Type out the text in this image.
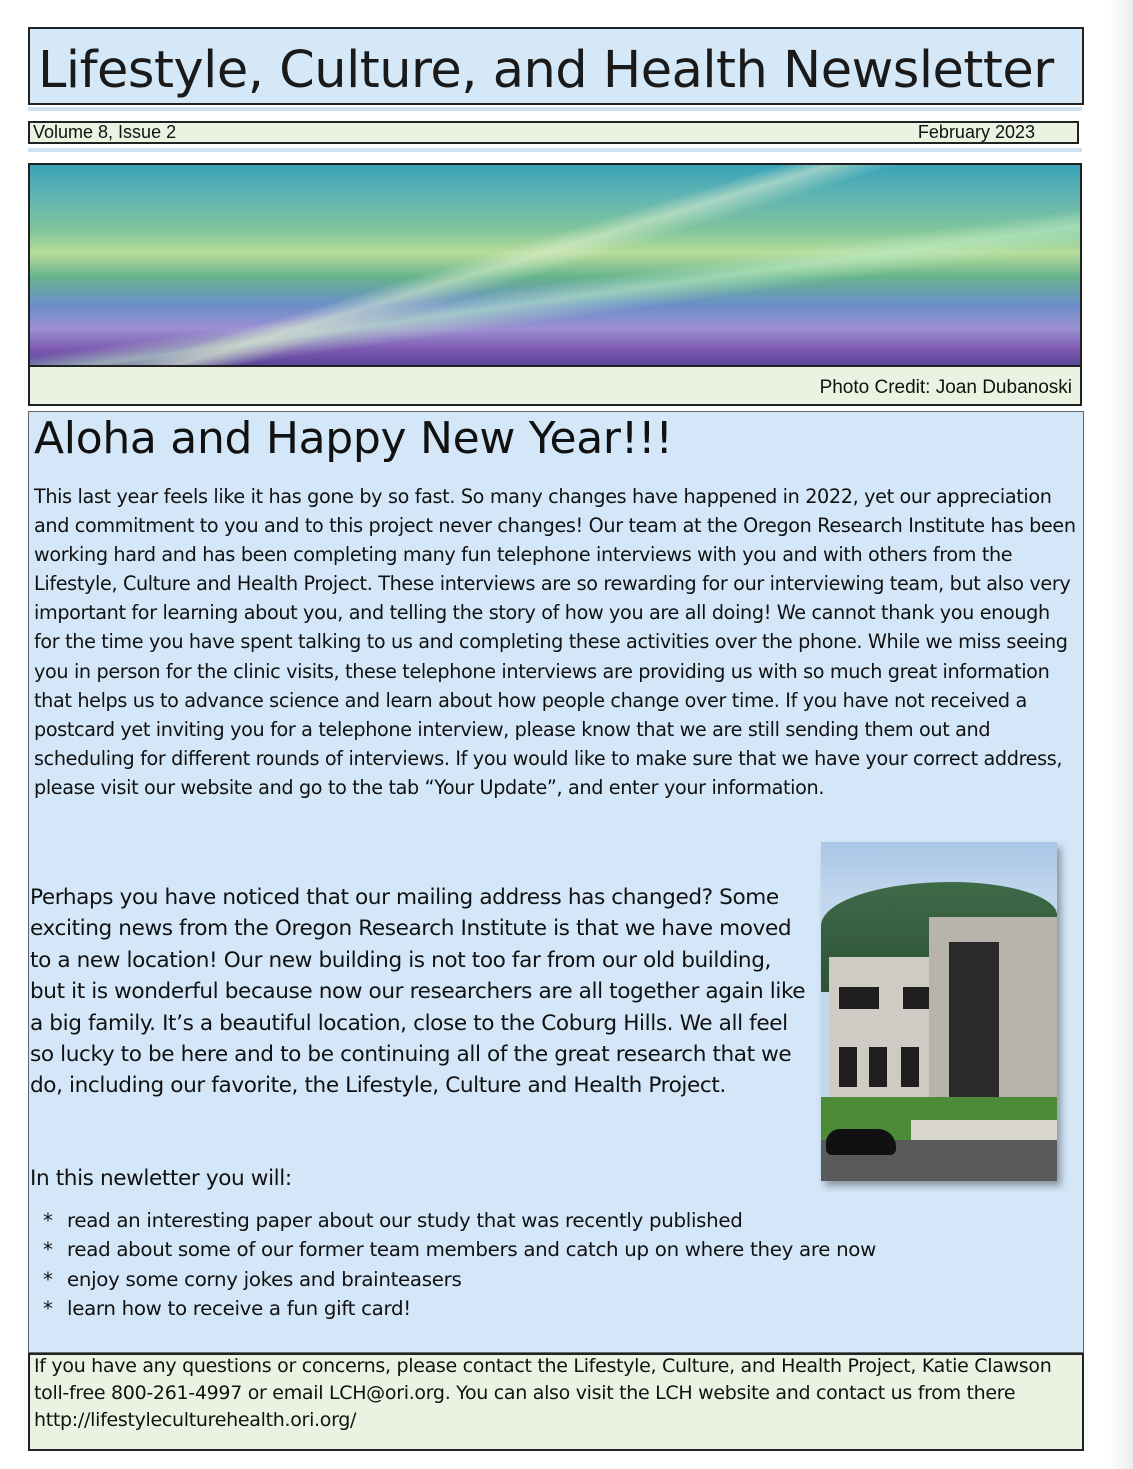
Lifestyle, Culture, and Health Newsletter
Volume 8, Issue 2	February 2023
Photo Credit: Joan Dubanoski
Aloha and Happy New Year!!!

This last year feels like it has gone by so fast. So many changes have happened in 2022, yet our appreciation and commitment to you and to this project never changes! Our team at the Oregon Research Institute has been working hard and has been completing many fun telephone interviews with you and with others from the Lifestyle, Culture and Health Project. These interviews are so rewarding for our interviewing team, but also very important for learning about you, and telling the story of how you are all doing! We cannot thank you enough for the time you have spent talking to us and completing these activities over the phone. While we miss seeing you in person for the clinic visits, these telephone interviews are providing us with so much great information that helps us to advance science and learn about how people change over time. If you have not received a postcard yet inviting you for a telephone interview, please know that we are still sending them out and scheduling for different rounds of interviews. If you would like to make sure that we have your correct address, please visit our website and go to the tab “Your Update”, and enter your information.

Perhaps you have noticed that our mailing address has changed? Some exciting news from the Oregon Research Institute is that we have moved to a new location! Our new building is not too far from our old building, but it is wonderful because now our researchers are all together again like a big family. It’s a beautiful location, close to the Coburg Hills. We all feel so lucky to be here and to be continuing all of the great research that we do, including our favorite, the Lifestyle, Culture and Health Project.

In this newletter you will:
* read an interesting paper about our study that was recently published
* read about some of our former team members and catch up on where they are now
* enjoy some corny jokes and brainteasers
* learn how to receive a fun gift card!

If you have any questions or concerns, please contact the Lifestyle, Culture, and Health Project, Katie Clawson toll-free 800-261-4997 or email LCH@ori.org. You can also visit the LCH website and contact us from there http://lifestyleculturehealth.ori.org/
